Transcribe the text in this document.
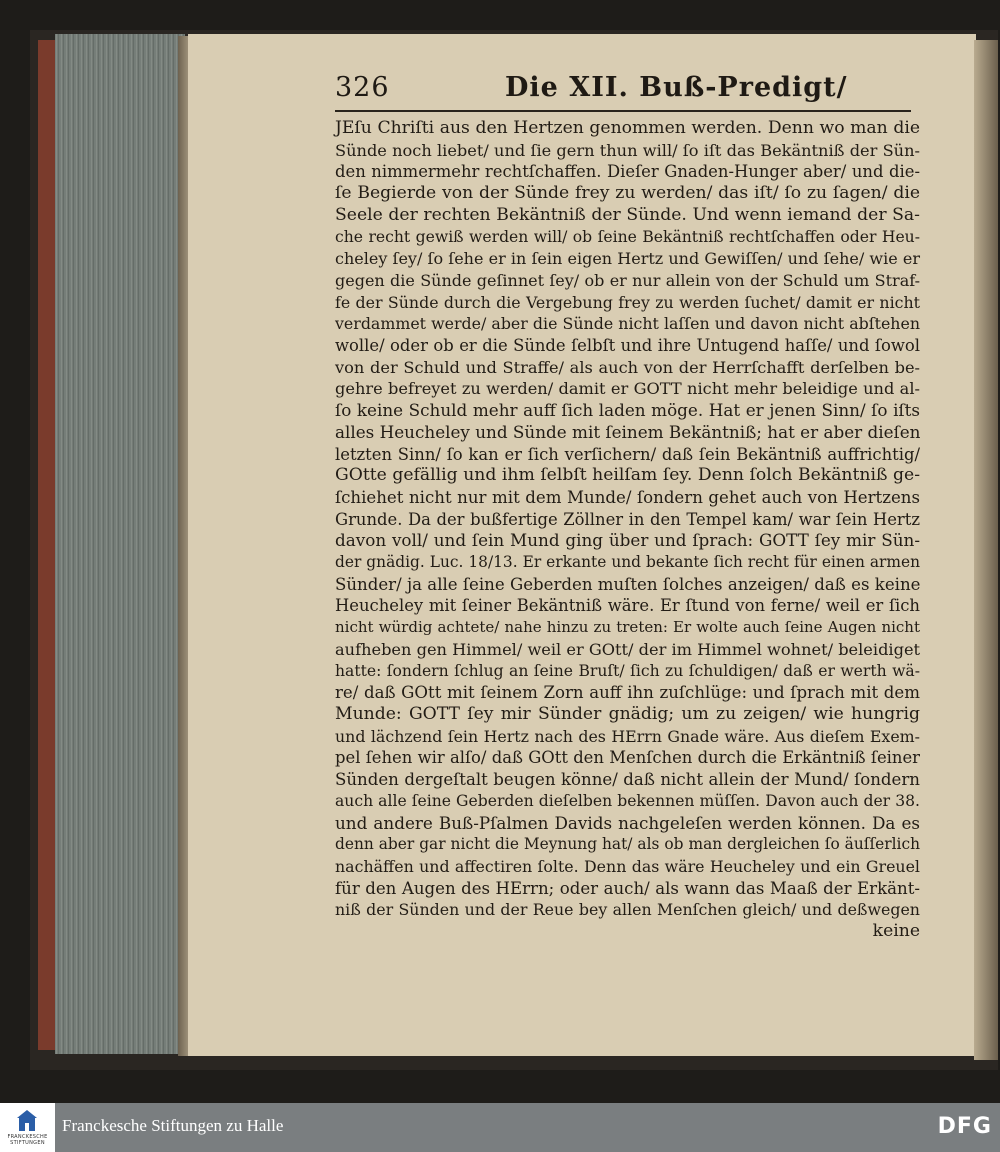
326	Die XII. Buß-Predigt/
JEſu Chriſti aus den Hertzen genommen werden. Denn wo man die
Sünde noch liebet/ und ſie gern thun will/ ſo iſt das Bekäntniß der Sün-
den nimmermehr rechtſchaffen. Dieſer Gnaden-Hunger aber/ und die-
ſe Begierde von der Sünde frey zu werden/ das iſt/ ſo zu ſagen/ die
Seele der rechten Bekäntniß der Sünde. Und wenn iemand der Sa-
che recht gewiß werden will/ ob ſeine Bekäntniß rechtſchaffen oder Heu-
cheley ſey/ ſo ſehe er in ſein eigen Hertz und Gewiſſen/ und ſehe/ wie er
gegen die Sünde geſinnet ſey/ ob er nur allein von der Schuld um Straf-
fe der Sünde durch die Vergebung frey zu werden ſuchet/ damit er nicht
verdammet werde/ aber die Sünde nicht laſſen und davon nicht abſtehen
wolle/ oder ob er die Sünde ſelbſt und ihre Untugend haſſe/ und ſowol
von der Schuld und Straffe/ als auch von der Herrſchafft derſelben be-
gehre befreyet zu werden/ damit er GOTT nicht mehr beleidige und al-
ſo keine Schuld mehr auff ſich laden möge. Hat er jenen Sinn/ ſo iſts
alles Heucheley und Sünde mit ſeinem Bekäntniß; hat er aber dieſen
letzten Sinn/ ſo kan er ſich verſichern/ daß ſein Bekäntniß auffrichtig/
GOtte gefällig und ihm ſelbſt heilſam ſey. Denn ſolch Bekäntniß ge-
ſchiehet nicht nur mit dem Munde/ ſondern gehet auch von Hertzens
Grunde. Da der bußfertige Zöllner in den Tempel kam/ war ſein Hertz
davon voll/ und ſein Mund ging über und ſprach: GOTT ſey mir Sün-
der gnädig. Luc. 18/13. Er erkante und bekante ſich recht für einen armen
Sünder/ ja alle ſeine Geberden muſten ſolches anzeigen/ daß es keine
Heucheley mit ſeiner Bekäntniß wäre. Er ſtund von ferne/ weil er ſich
nicht würdig achtete/ nahe hinzu zu treten: Er wolte auch ſeine Augen nicht
aufheben gen Himmel/ weil er GOtt/ der im Himmel wohnet/ beleidiget
hatte: ſondern ſchlug an ſeine Bruſt/ ſich zu ſchuldigen/ daß er werth wä-
re/ daß GOtt mit ſeinem Zorn auff ihn zuſchlüge: und ſprach mit dem
Munde: GOTT ſey mir Sünder gnädig; um zu zeigen/ wie hungrig
und lächzend ſein Hertz nach des HErrn Gnade wäre. Aus dieſem Exem-
pel ſehen wir alſo/ daß GOtt den Menſchen durch die Erkäntniß ſeiner
Sünden dergeſtalt beugen könne/ daß nicht allein der Mund/ ſondern
auch alle ſeine Geberden dieſelben bekennen müſſen. Davon auch der 38.
und andere Buß-Pſalmen Davids nachgeleſen werden können. Da es
denn aber gar nicht die Meynung hat/ als ob man dergleichen ſo äuſſerlich
nachäffen und affectiren ſolte. Denn das wäre Heucheley und ein Greuel
für den Augen des HErrn; oder auch/ als wann das Maaß der Erkänt-
niß der Sünden und der Reue bey allen Menſchen gleich/ und deßwegen
keine
FRANCKESCHE STIFTUNGEN
Franckesche Stiftungen zu Halle	DFG
